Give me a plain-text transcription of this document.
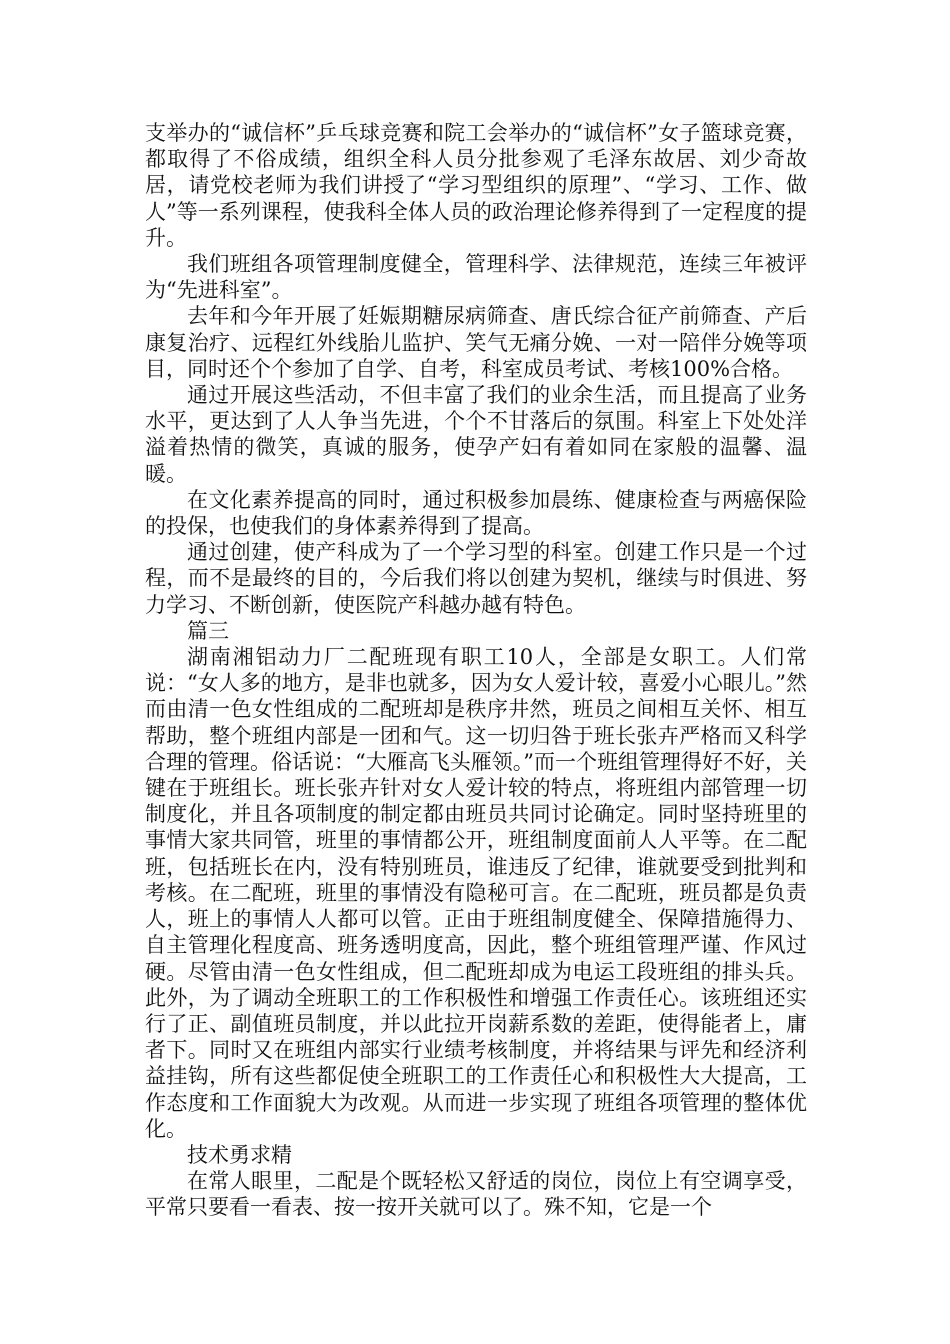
支举办的“诚信杯”乒乓球竞赛和院工会举办的“诚信杯”女子篮球竞赛，都取得了不俗成绩，组织全科人员分批参观了毛泽东故居、刘少奇故居，请党校老师为我们讲授了“学习型组织的原理”、“学习、工作、做人”等一系列课程，使我科全体人员的政治理论修养得到了一定程度的提升。

我们班组各项管理制度健全，管理科学、法律规范，连续三年被评为“先进科室”。

去年和今年开展了妊娠期糖尿病筛查、唐氏综合征产前筛查、产后康复治疗、远程红外线胎儿监护、笑气无痛分娩、一对一陪伴分娩等项目，同时还个个参加了自学、自考，科室成员考试、考核100%合格。

通过开展这些活动，不但丰富了我们的业余生活，而且提高了业务水平，更达到了人人争当先进，个个不甘落后的氛围。科室上下处处洋溢着热情的微笑，真诚的服务，使孕产妇有着如同在家般的温馨、温暖。

在文化素养提高的同时，通过积极参加晨练、健康检查与两癌保险的投保，也使我们的身体素养得到了提高。

通过创建，使产科成为了一个学习型的科室。创建工作只是一个过程，而不是最终的目的，今后我们将以创建为契机，继续与时俱进、努力学习、不断创新，使医院产科越办越有特色。

篇三

湖南湘铝动力厂二配班现有职工10人，全部是女职工。人们常说：“女人多的地方，是非也就多，因为女人爱计较，喜爱小心眼儿。”然而由清一色女性组成的二配班却是秩序井然，班员之间相互关怀、相互帮助，整个班组内部是一团和气。这一切归咎于班长张卉严格而又科学合理的管理。俗话说：“大雁高飞头雁领。”而一个班组管理得好不好，关键在于班组长。班长张卉针对女人爱计较的特点，将班组内部管理一切制度化，并且各项制度的制定都由班员共同讨论确定。同时坚持班里的事情大家共同管，班里的事情都公开，班组制度面前人人平等。在二配班，包括班长在内，没有特别班员，谁违反了纪律，谁就要受到批判和考核。在二配班，班里的事情没有隐秘可言。在二配班，班员都是负责人，班上的事情人人都可以管。正由于班组制度健全、保障措施得力、自主管理化程度高、班务透明度高，因此，整个班组管理严谨、作风过硬。尽管由清一色女性组成，但二配班却成为电运工段班组的排头兵。此外，为了调动全班职工的工作积极性和增强工作责任心。该班组还实行了正、副值班员制度，并以此拉开岗薪系数的差距，使得能者上，庸者下。同时又在班组内部实行业绩考核制度，并将结果与评先和经济利益挂钩，所有这些都促使全班职工的工作责任心和积极性大大提高，工作态度和工作面貌大为改观。从而进一步实现了班组各项管理的整体优化。

技术勇求精

在常人眼里，二配是个既轻松又舒适的岗位，岗位上有空调享受，平常只要看一看表、按一按开关就可以了。殊不知，它是一个
